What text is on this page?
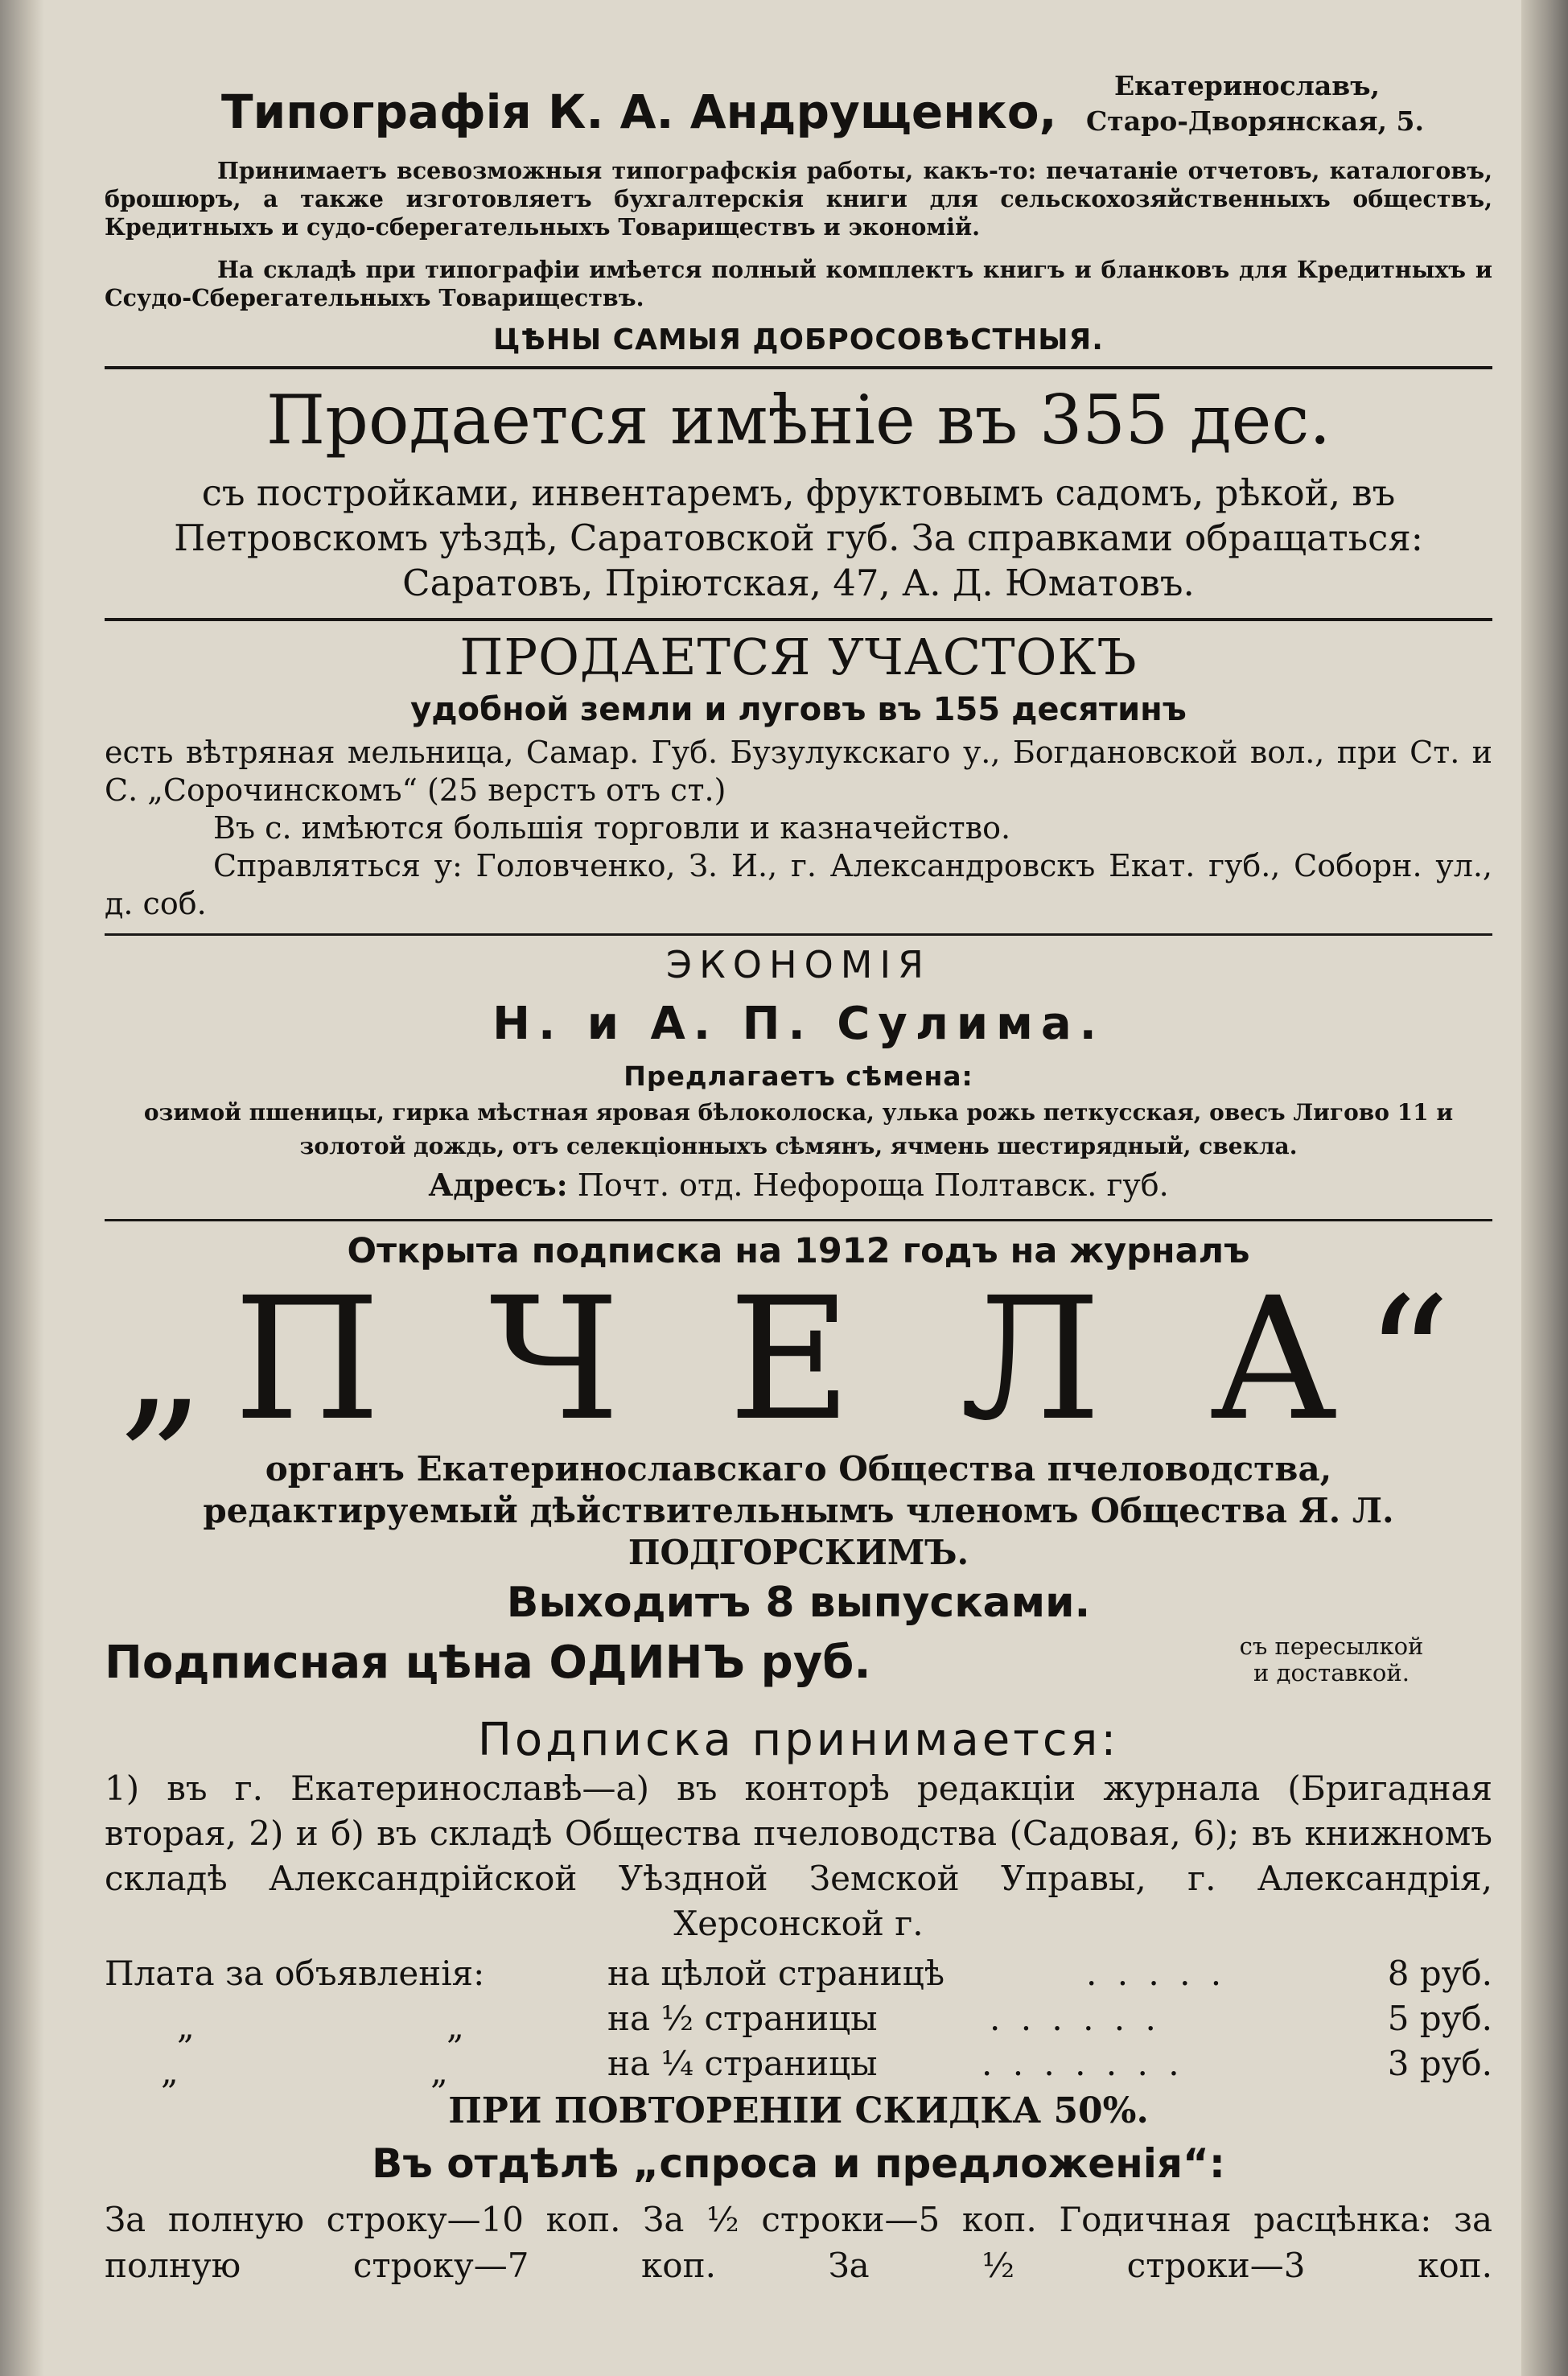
Типографія К. А. Андрущенко,	Екатеринославъ,
Старо-Дворянская, 5.
Принимаетъ всевозможныя типографскія работы, какъ-то: печатаніе отчетовъ, каталоговъ, брошюръ, а также изготовляетъ бухгалтерскія книги для сельскохозяйственныхъ обществъ, Кредитныхъ и судо-сберегательныхъ Товариществъ и экономій.
На складѣ при типографіи имѣется полный комплектъ книгъ и бланковъ для Кредитныхъ и Ссудо-Сберегательныхъ Товариществъ.
ЦѢНЫ САМЫЯ ДОБРОСОВѢСТНЫЯ.
Продается имѣніе въ 355 дес.
съ постройками, инвентаремъ, фруктовымъ садомъ, рѣкой, въ Петровскомъ уѣздѣ, Саратовской губ. За справками обращаться: Саратовъ, Пріютская, 47, А. Д. Юматовъ.
ПРОДАЕТСЯ УЧАСТОКЪ
удобной земли и луговъ въ 155 десятинъ
есть вѣтряная мельница, Самар. Губ. Бузулукскаго у., Богдановской вол., при Ст. и С. „Сорочинскомъ“ (25 верстъ отъ ст.)
Въ с. имѣются большія торговли и казначейство.
Справляться у: Головченко, З. И., г. Александровскъ Екат. губ., Соборн. ул., д. соб.
ЭКОНОМІЯ
Н. и А. П. Сулима.
Предлагаетъ сѣмена:
озимой пшеницы, гирка мѣстная яровая бѣлоколоска, улька рожь петкусская, овесъ Лигово 11 и золотой дождь, отъ селекціонныхъ сѣмянъ, ячмень шестирядный, свекла.
Адресъ: Почт. отд. Нефороща Полтавск. губ.
Открыта подписка на 1912 годъ на журналъ
„П Ч Е Л А“
органъ Екатеринославскаго Общества пчеловодства, редактируемый дѣйствительнымъ членомъ Общества Я. Л. ПОДГОРСКИМЪ.
Выходитъ 8 выпусками.
Подписная цѣна ОДИНЪ руб.	съ пересылкой
и доставкой.
Подписка принимается:
1) въ г. Екатеринославѣ—а) въ конторѣ редакціи журнала (Бригадная вторая, 2) и б) въ складѣ Общества пчеловодства (Садовая, 6); въ книжномъ складѣ Александрійской Уѣздной Земской Управы, г. Александрія, Херсонской г.
Плата за объявленія:	на цѣлой страницѣ	. . . . .	8 руб.
„ „ на ½ страницы	. . . . . .	5 руб.
„ „ на ¼ страницы	. . . . . . .	3 руб.
ПРИ ПОВТОРЕНІИ СКИДКА 50%.
Въ отдѣлѣ „спроса и предложенія“:
За полную строку—10 коп. За ½ строки—5 коп. Годичная расцѣнка: за полную строку—7 коп. За ½ строки—3 коп.
